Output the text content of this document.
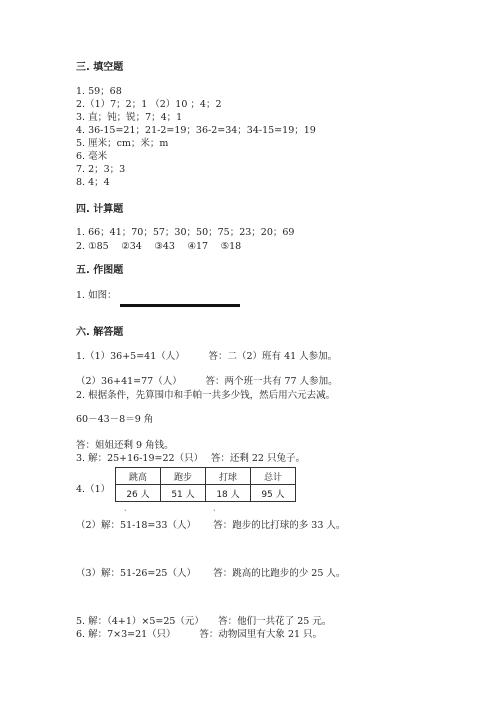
三. 填空题
1. 59；68
2.（1）7；2；1 （2）10 ；4；2
3. 直；钝；锐；7；4；1
4. 36-15=21；21-2=19；36-2=34；34-15=19；19
5. 厘米；cm；米；m
6. 毫米
7. 2；3；3
8. 4；4
四. 计算题
1. 66；41；70；57；30；50；75；23；20；69
2. ①85　 ②34　 ③43　 ④17　 ⑤18
五. 作图题
1. 如图：
六. 解答题
1.（1）36+5=41（人）　　　答：二（2）班有 41 人参加。
（2）36+41=77（人）　　　答：两个班一共有 77 人参加。
2. 根据条件，先算围巾和手帕一共多少钱，然后用六元去减。
60－43－8＝9 角
答：姐姐还剩 9 角钱。
3. 解：25+16-19=22（只）　 答：还剩 22 只兔子。
4.（1）
跳高	跑步	打球	总计
26 人	51 人	18 人	95 人
ˎ	ˎ
（2）解：51-18=33（人）　　 答：跑步的比打球的多 33 人。
（3）解：51-26=25（人）　　 答：跳高的比跑步的少 25 人。
5. 解：（4+1）×5=25（元）　　答：他们一共花了 25 元。
6. 解：7×3=21（只）　　　答：动物园里有大象 21 只。
